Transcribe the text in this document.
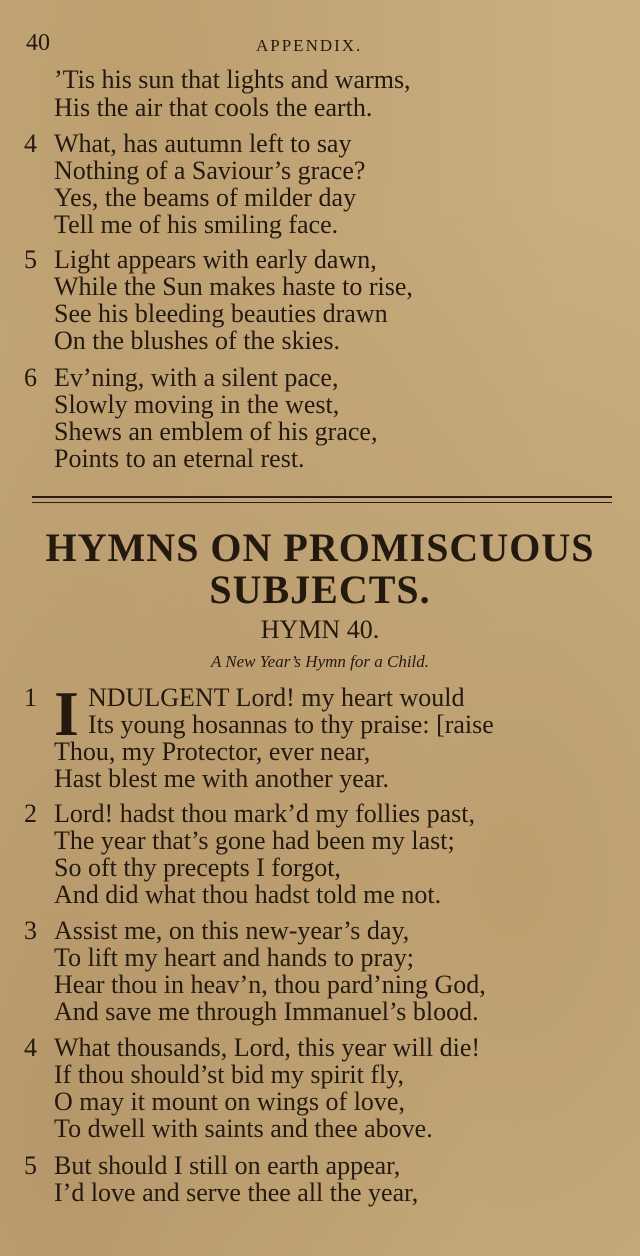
40	APPENDIX.
’Tis his sun that lights and warms,
His the air that cools the earth.
4 What, has autumn left to say
Nothing of a Saviour’s grace?
Yes, the beams of milder day
Tell me of his smiling face.
5 Light appears with early dawn,
While the Sun makes haste to rise,
See his bleeding beauties drawn
On the blushes of the skies.
6 Ev’ning, with a silent pace,
Slowly moving in the west,
Shews an emblem of his grace,
Points to an eternal rest.
HYMNS ON PROMISCUOUS
SUBJECTS.
HYMN 40.
A New Year’s Hymn for a Child.
1 I NDULGENT Lord! my heart would
Its young hosannas to thy praise: [raise
Thou, my Protector, ever near,
Hast blest me with another year.
2 Lord! hadst thou mark’d my follies past,
The year that’s gone had been my last;
So oft thy precepts I forgot,
And did what thou hadst told me not.
3 Assist me, on this new-year’s day,
To lift my heart and hands to pray;
Hear thou in heav’n, thou pard’ning God,
And save me through Immanuel’s blood.
4 What thousands, Lord, this year will die!
If thou should’st bid my spirit fly,
O may it mount on wings of love,
To dwell with saints and thee above.
5 But should I still on earth appear,
I’d love and serve thee all the year,
